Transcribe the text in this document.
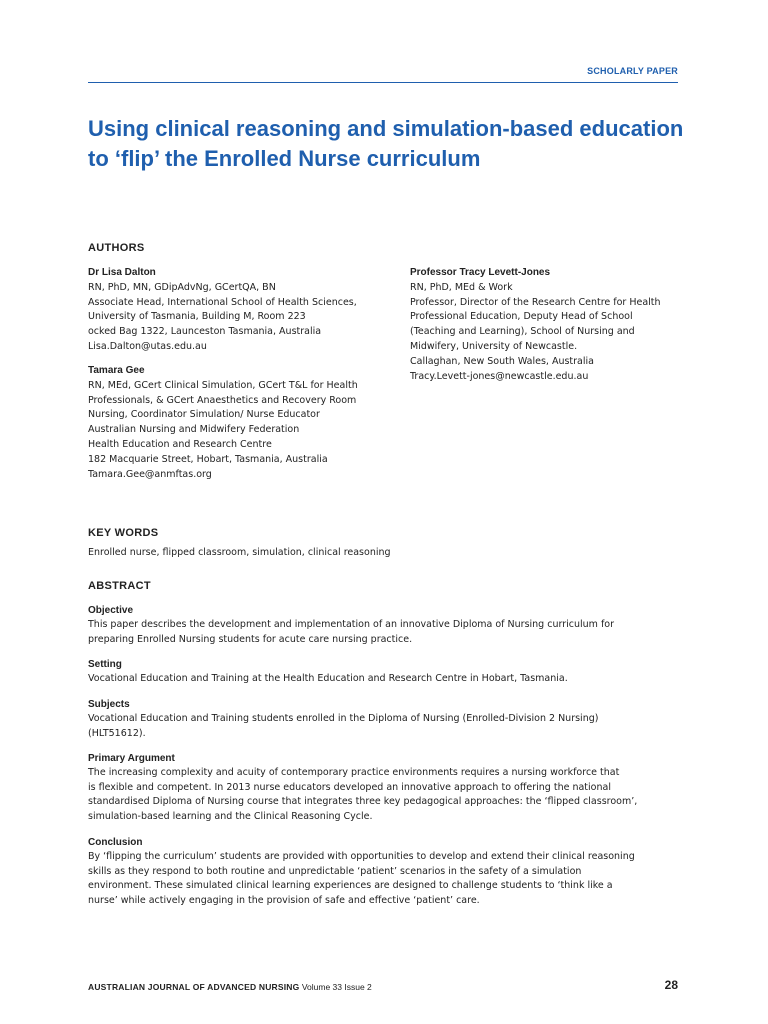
SCHOLARLY PAPER
Using clinical reasoning and simulation-based education to ‘flip’ the Enrolled Nurse curriculum
AUTHORS
Dr Lisa Dalton
RN, PhD, MN, GDipAdvNg, GCertQA, BN
Associate Head, International School of Health Sciences,
University of Tasmania, Building M, Room 223
ocked Bag 1322, Launceston Tasmania, Australia
Lisa.Dalton@utas.edu.au
Tamara Gee
RN, MEd, GCert Clinical Simulation, GCert T&L for Health
Professionals, & GCert Anaesthetics and Recovery Room
Nursing, Coordinator Simulation/ Nurse Educator
Australian Nursing and Midwifery Federation
Health Education and Research Centre
182 Macquarie Street, Hobart, Tasmania, Australia
Tamara.Gee@anmftas.org
Professor Tracy Levett-Jones
RN, PhD, MEd & Work
Professor, Director of the Research Centre for Health
Professional Education, Deputy Head of School
(Teaching and Learning), School of Nursing and
Midwifery, University of Newcastle.
Callaghan, New South Wales, Australia
Tracy.Levett-jones@newcastle.edu.au
KEY WORDS
Enrolled nurse, flipped classroom, simulation, clinical reasoning
ABSTRACT
Objective
This paper describes the development and implementation of an innovative Diploma of Nursing curriculum for
preparing Enrolled Nursing students for acute care nursing practice.
Setting
Vocational Education and Training at the Health Education and Research Centre in Hobart, Tasmania.
Subjects
Vocational Education and Training students enrolled in the Diploma of Nursing (Enrolled-Division 2 Nursing)
(HLT51612).
Primary Argument
The increasing complexity and acuity of contemporary practice environments requires a nursing workforce that
is flexible and competent. In 2013 nurse educators developed an innovative approach to offering the national
standardised Diploma of Nursing course that integrates three key pedagogical approaches: the ‘flipped classroom’,
simulation-based learning and the Clinical Reasoning Cycle.
Conclusion
By ‘flipping the curriculum’ students are provided with opportunities to develop and extend their clinical reasoning
skills as they respond to both routine and unpredictable ‘patient’ scenarios in the safety of a simulation
environment. These simulated clinical learning experiences are designed to challenge students to ‘think like a
nurse’ while actively engaging in the provision of safe and effective ‘patient’ care.
AUSTRALIAN JOURNAL OF ADVANCED NURSING Volume 33 Issue 2	28
